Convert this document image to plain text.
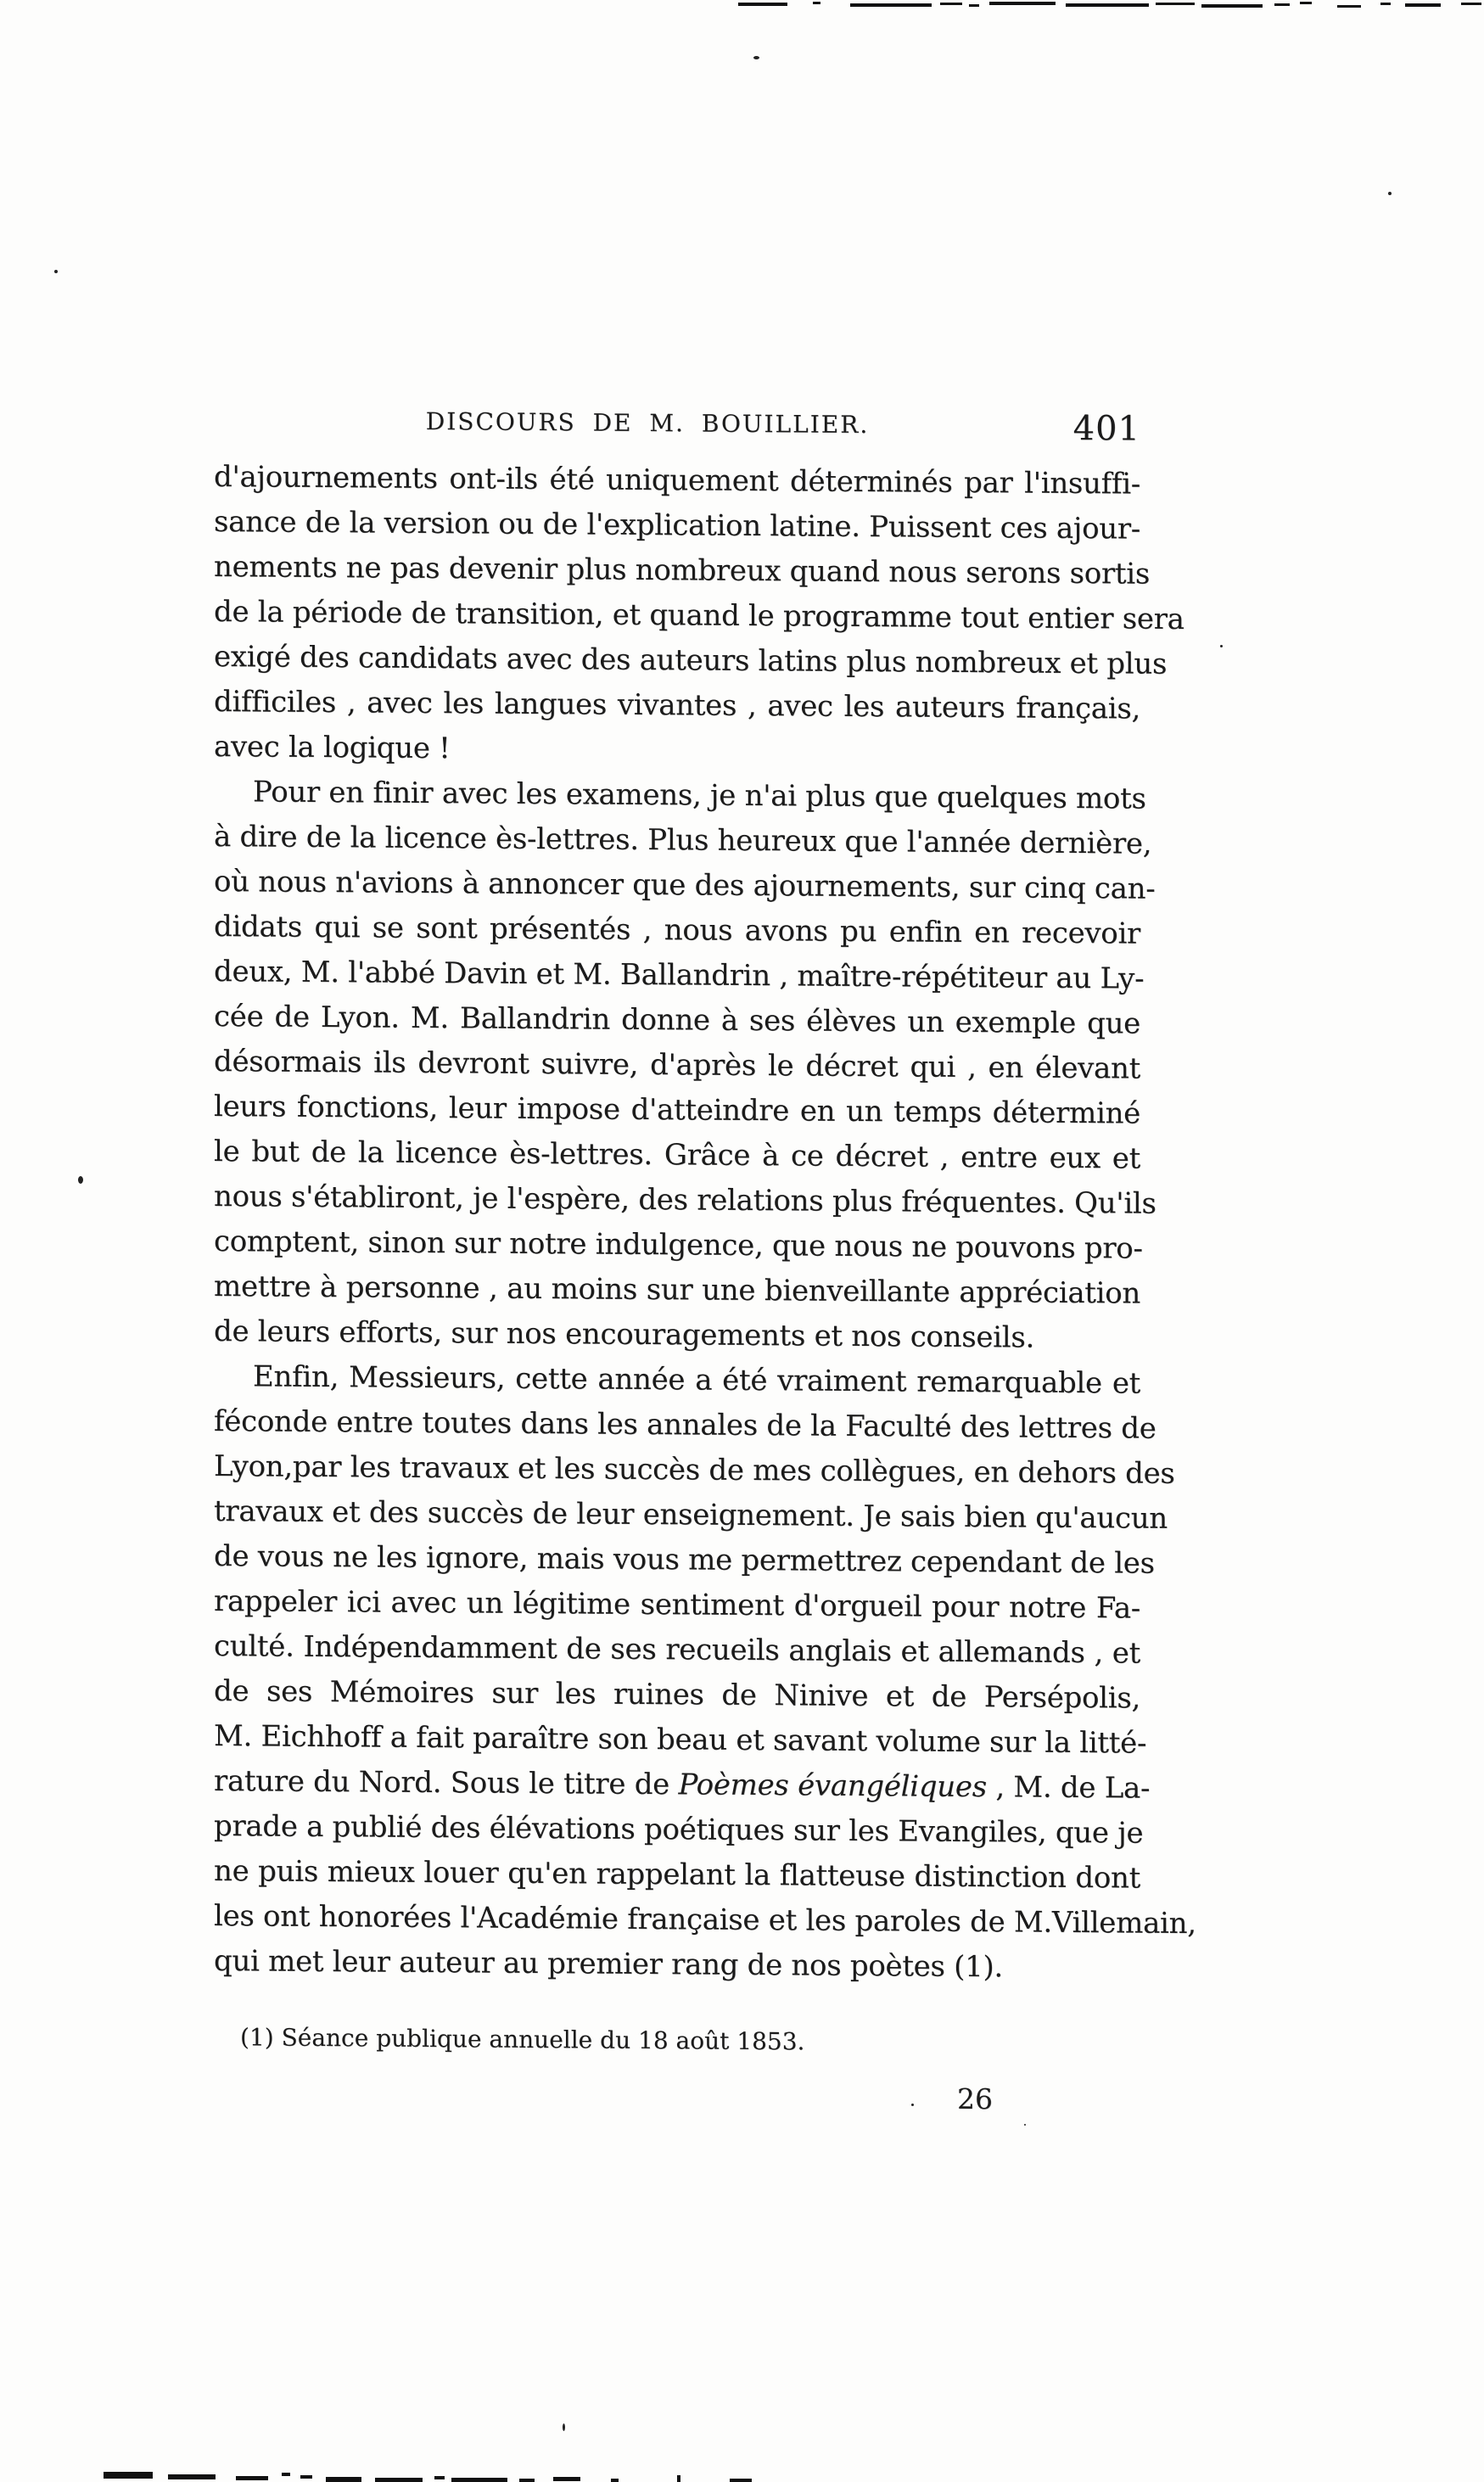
DISCOURS DE M. BOUILLIER.	401
d'ajournements ont-ils été uniquement déterminés par l'insuffi-
sance de la version ou de l'explication latine. Puissent ces ajour-
nements ne pas devenir plus nombreux quand nous serons sortis
de la période de transition, et quand le programme tout entier sera
exigé des candidats avec des auteurs latins plus nombreux et plus
difficiles , avec les langues vivantes , avec les auteurs français,
avec la logique !
Pour en finir avec les examens, je n'ai plus que quelques mots
à dire de la licence ès-lettres. Plus heureux que l'année dernière,
où nous n'avions à annoncer que des ajournements, sur cinq can-
didats qui se sont présentés , nous avons pu enfin en recevoir
deux, M. l'abbé Davin et M. Ballandrin , maître-répétiteur au Ly-
cée de Lyon. M. Ballandrin donne à ses élèves un exemple que
désormais ils devront suivre, d'après le décret qui , en élevant
leurs fonctions, leur impose d'atteindre en un temps déterminé
le but de la licence ès-lettres. Grâce à ce décret , entre eux et
nous s'établiront, je l'espère, des relations plus fréquentes. Qu'ils
comptent, sinon sur notre indulgence, que nous ne pouvons pro-
mettre à personne , au moins sur une bienveillante appréciation
de leurs efforts, sur nos encouragements et nos conseils.
Enfin, Messieurs, cette année a été vraiment remarquable et
féconde entre toutes dans les annales de la Faculté des lettres de
Lyon,par les travaux et les succès de mes collègues, en dehors des
travaux et des succès de leur enseignement. Je sais bien qu'aucun
de vous ne les ignore, mais vous me permettrez cependant de les
rappeler ici avec un légitime sentiment d'orgueil pour notre Fa-
culté. Indépendamment de ses recueils anglais et allemands , et
de ses Mémoires sur les ruines de Ninive et de Persépolis,
M. Eichhoff a fait paraître son beau et savant volume sur la litté-
rature du Nord. Sous le titre de Poèmes évangéliques , M. de La-
prade a publié des élévations poétiques sur les Evangiles, que je
ne puis mieux louer qu'en rappelant la flatteuse distinction dont
les ont honorées l'Académie française et les paroles de M.Villemain,
qui met leur auteur au premier rang de nos poètes (1).
(1) Séance publique annuelle du 18 août 1853.
26
